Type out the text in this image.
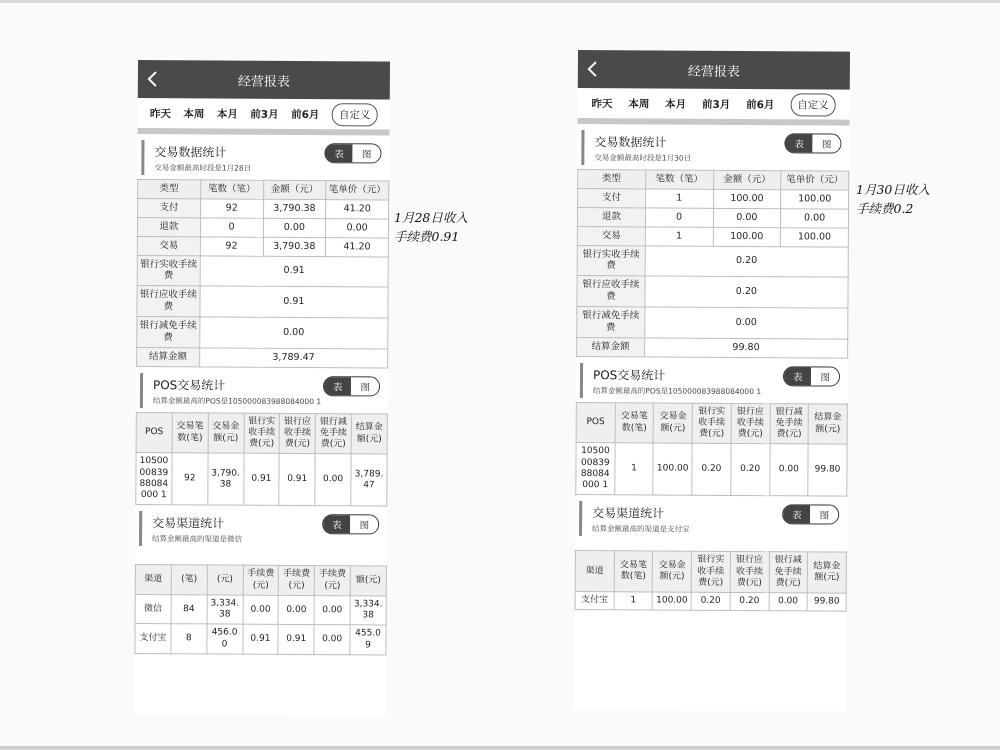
经营报表
昨天 本周 本月 前3月 前6月	自定义
交易数据统计
交易金额最高时段是1月28日
表	图
类型	笔数（笔）	金额（元）	笔单价（元）
支付	92	3,790.38	41.20
退款	0	0.00	0.00
交易	92	3,790.38	41.20
银行实收手续费	0.91		
银行应收手续费	0.91		
银行减免手续费	0.00		
结算金额	3,789.47		
POS交易统计
结算金额最高的POS是105000083988084000 1
表	图
POS	交易笔数(笔)	交易金额(元)	银行实收手续费(元)	银行应收手续费(元)	银行减免手续费(元)	结算金额(元)
105000083988084000 1	92	3,790.38	0.91	0.91	0.00	3,789.47
交易渠道统计
结算金额最高的渠道是微信
表	图
渠道	(笔)	(元)	手续费(元)	手续费(元)	手续费(元)	额(元)
微信	84	3,334.38	0.00	0.00	0.00	3,334.38
支付宝	8	456.00	0.91	0.91	0.00	455.09
经营报表
昨天 本周 本月 前3月 前6月	自定义
交易数据统计
交易金额最高时段是1月30日
表	图
类型	笔数（笔）	金额（元）	笔单价（元）
支付	1	100.00	100.00
退款	0	0.00	0.00
交易	1	100.00	100.00
银行实收手续费	0.20		
银行应收手续费	0.20		
银行减免手续费	0.00		
结算金额	99.80		
POS交易统计
结算金额最高的POS是105000083988084000 1
表	图
POS	交易笔数(笔)	交易金额(元)	银行实收手续费(元)	银行应收手续费(元)	银行减免手续费(元)	结算金额(元)
105000083988084000 1	1	100.00	0.20	0.20	0.00	99.80
交易渠道统计
结算金额最高的渠道是支付宝
表	图
渠道	交易笔数(笔)	交易金额(元)	银行实收手续费(元)	银行应收手续费(元)	银行减免手续费(元)	结算金额(元)
支付宝	1	100.00	0.20	0.20	0.00	99.80
1月28日收入
手续费0.91
1月30日收入
手续费0.2
